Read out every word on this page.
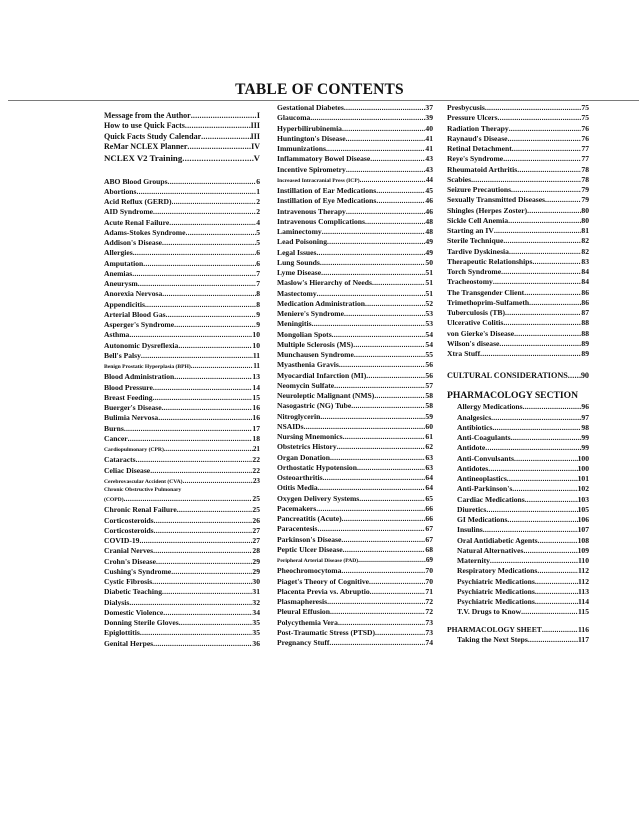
TABLE OF CONTENTS
Message from the Author .....	I
How to use Quick Facts .....	III
Quick Facts Study Calendar .....	III
ReMar NCLEX Planner .....	IV
NCLEX V2 Training .....	V
ABO Blood Groups .....	6
Abortions .....	1
Acid Reflux (GERD) .....	2
AID Syndrome .....	2
Acute Renal Failure .....	4
Adams-Stokes Syndrome .....	5
Addison's Disease .....	5
Allergies .....	6
Amputation .....	6
Anemias .....	7
Aneurysm .....	7
Anorexia Nervosa .....	8
Appendicitis .....	8
Arterial Blood Gas .....	9
Asperger's Syndrome .....	9
Asthma .....	10
Autonomic Dysreflexia .....	10
Bell's Palsy .....	11
Benign Prostatic Hyperplasia (BPH) .....	11
Blood Administration .....	13
Blood Pressure .....	14
Breast Feeding .....	15
Buerger's Disease .....	16
Bulimia Nervosa .....	16
Burns .....	17
Cancer .....	18
Cardiopulmonary (CPR) .....	21
Cataracts .....	22
Celiac Disease .....	22
Cerebrovascular Accident (CVA) .....	23
Chronic Obstructive Pulmonary
(COPD) .....	25
Chronic Renal Failure .....	25
Corticosteroids .....	26
Corticosteroids .....	27
COVID-19 .....	27
Cranial Nerves .....	28
Crohn's Disease .....	29
Cushing's Syndrome .....	29
Cystic Fibrosis .....	30
Diabetic Teaching .....	31
Dialysis .....	32
Domestic Violence .....	34
Donning Sterile Gloves .....	35
Epiglottitis .....	35
Genital Herpes .....	36
Gestational Diabetes .....	37
Glaucoma .....	39
Hyperbilirubinemia .....	40
Huntington's Disease .....	41
Immunizations .....	41
Inflammatory Bowel Disease .....	43
Incentive Spirometry .....	43
Increased Intracranial Press (ICP) .....	44
Instillation of Ear Medications .....	45
Instillation of Eye Medications .....	46
Intravenous Therapy .....	46
Intravenous Complications .....	48
Laminectomy .....	48
Lead Poisoning .....	49
Legal Issues .....	49
Lung Sounds .....	50
Lyme Disease .....	51
Maslow's Hierarchy of Needs .....	51
Mastectomy .....	51
Medication Administration .....	52
Meniere's Syndrome .....	53
Meningitis .....	53
Mongolian Spots .....	54
Multiple Sclerosis (MS) .....	54
Munchausen Syndrome .....	55
Myasthenia Gravis .....	56
Myocardial Infarction (MI) .....	56
Neomycin Sulfate .....	57
Neuroleptic Malignant (NMS) .....	58
Nasogastric (NG) Tube .....	58
Nitroglycerin .....	59
NSAIDs .....	60
Nursing Mnemonics .....	61
Obstetrics History .....	62
Organ Donation .....	63
Orthostatic Hypotension .....	63
Osteoarthritis .....	64
Otitis Media .....	64
Oxygen Delivery Systems .....	65
Pacemakers .....	66
Pancreatitis (Acute) .....	66
Paracentesis .....	67
Parkinson's Disease .....	67
Peptic Ulcer Disease .....	68
Peripheral Arterial Disease (PAD) .....	69
Pheochromocytoma .....	70
Piaget's Theory of Cognitive .....	70
Placenta Previa vs. Abruptio .....	71
Plasmapheresis .....	72
Pleural Effusion .....	72
Polycythemia Vera .....	73
Post-Traumatic Stress (PTSD) .....	73
Pregnancy Stuff .....	74
Presbycusis .....	75
Pressure Ulcers .....	75
Radiation Therapy .....	76
Raynaud's Disease .....	76
Retinal Detachment .....	77
Reye's Syndrome .....	77
Rheumatoid Arthritis .....	78
Scabies .....	78
Seizure Precautions .....	79
Sexually Transmitted Diseases .....	79
Shingles (Herpes Zoster) .....	80
Sickle Cell Anemia .....	80
Starting an IV .....	81
Sterile Technique .....	82
Tardive Dyskinesia .....	82
Therapeutic Relationships .....	83
Torch Syndrome .....	84
Tracheostomy .....	84
The Transgender Client .....	86
Trimethoprim-Sulfameth .....	86
Tuberculosis (TB) .....	87
Ulcerative Colitis .....	88
von Gierke's Disease .....	88
Wilson's disease .....	89
Xtra Stuff .....	89
CULTURAL CONSIDERATIONS ..... 90
PHARMACOLOGY SECTION
Allergy Medications .....	96
Analgesics .....	97
Antibiotics .....	98
Anti-Coagulants .....	99
Antidote .....	99
Anti-Convulsants .....	100
Antidotes .....	100
Antineoplastics .....	101
Anti-Parkinson's .....	102
Cardiac Medications .....	103
Diuretics .....	105
GI Medications .....	106
Insulins .....	107
Oral Antidiabetic Agents .....	108
Natural Alternatives .....	109
Maternity .....	110
Respiratory Medications .....	112
Psychiatric Medications .....	112
Psychiatric Medications .....	113
Psychiatric Medications .....	114
T.V. Drugs to Know .....	115
PHARMACOLOGY SHEET .....	116
Taking the Next Steps .....	117
